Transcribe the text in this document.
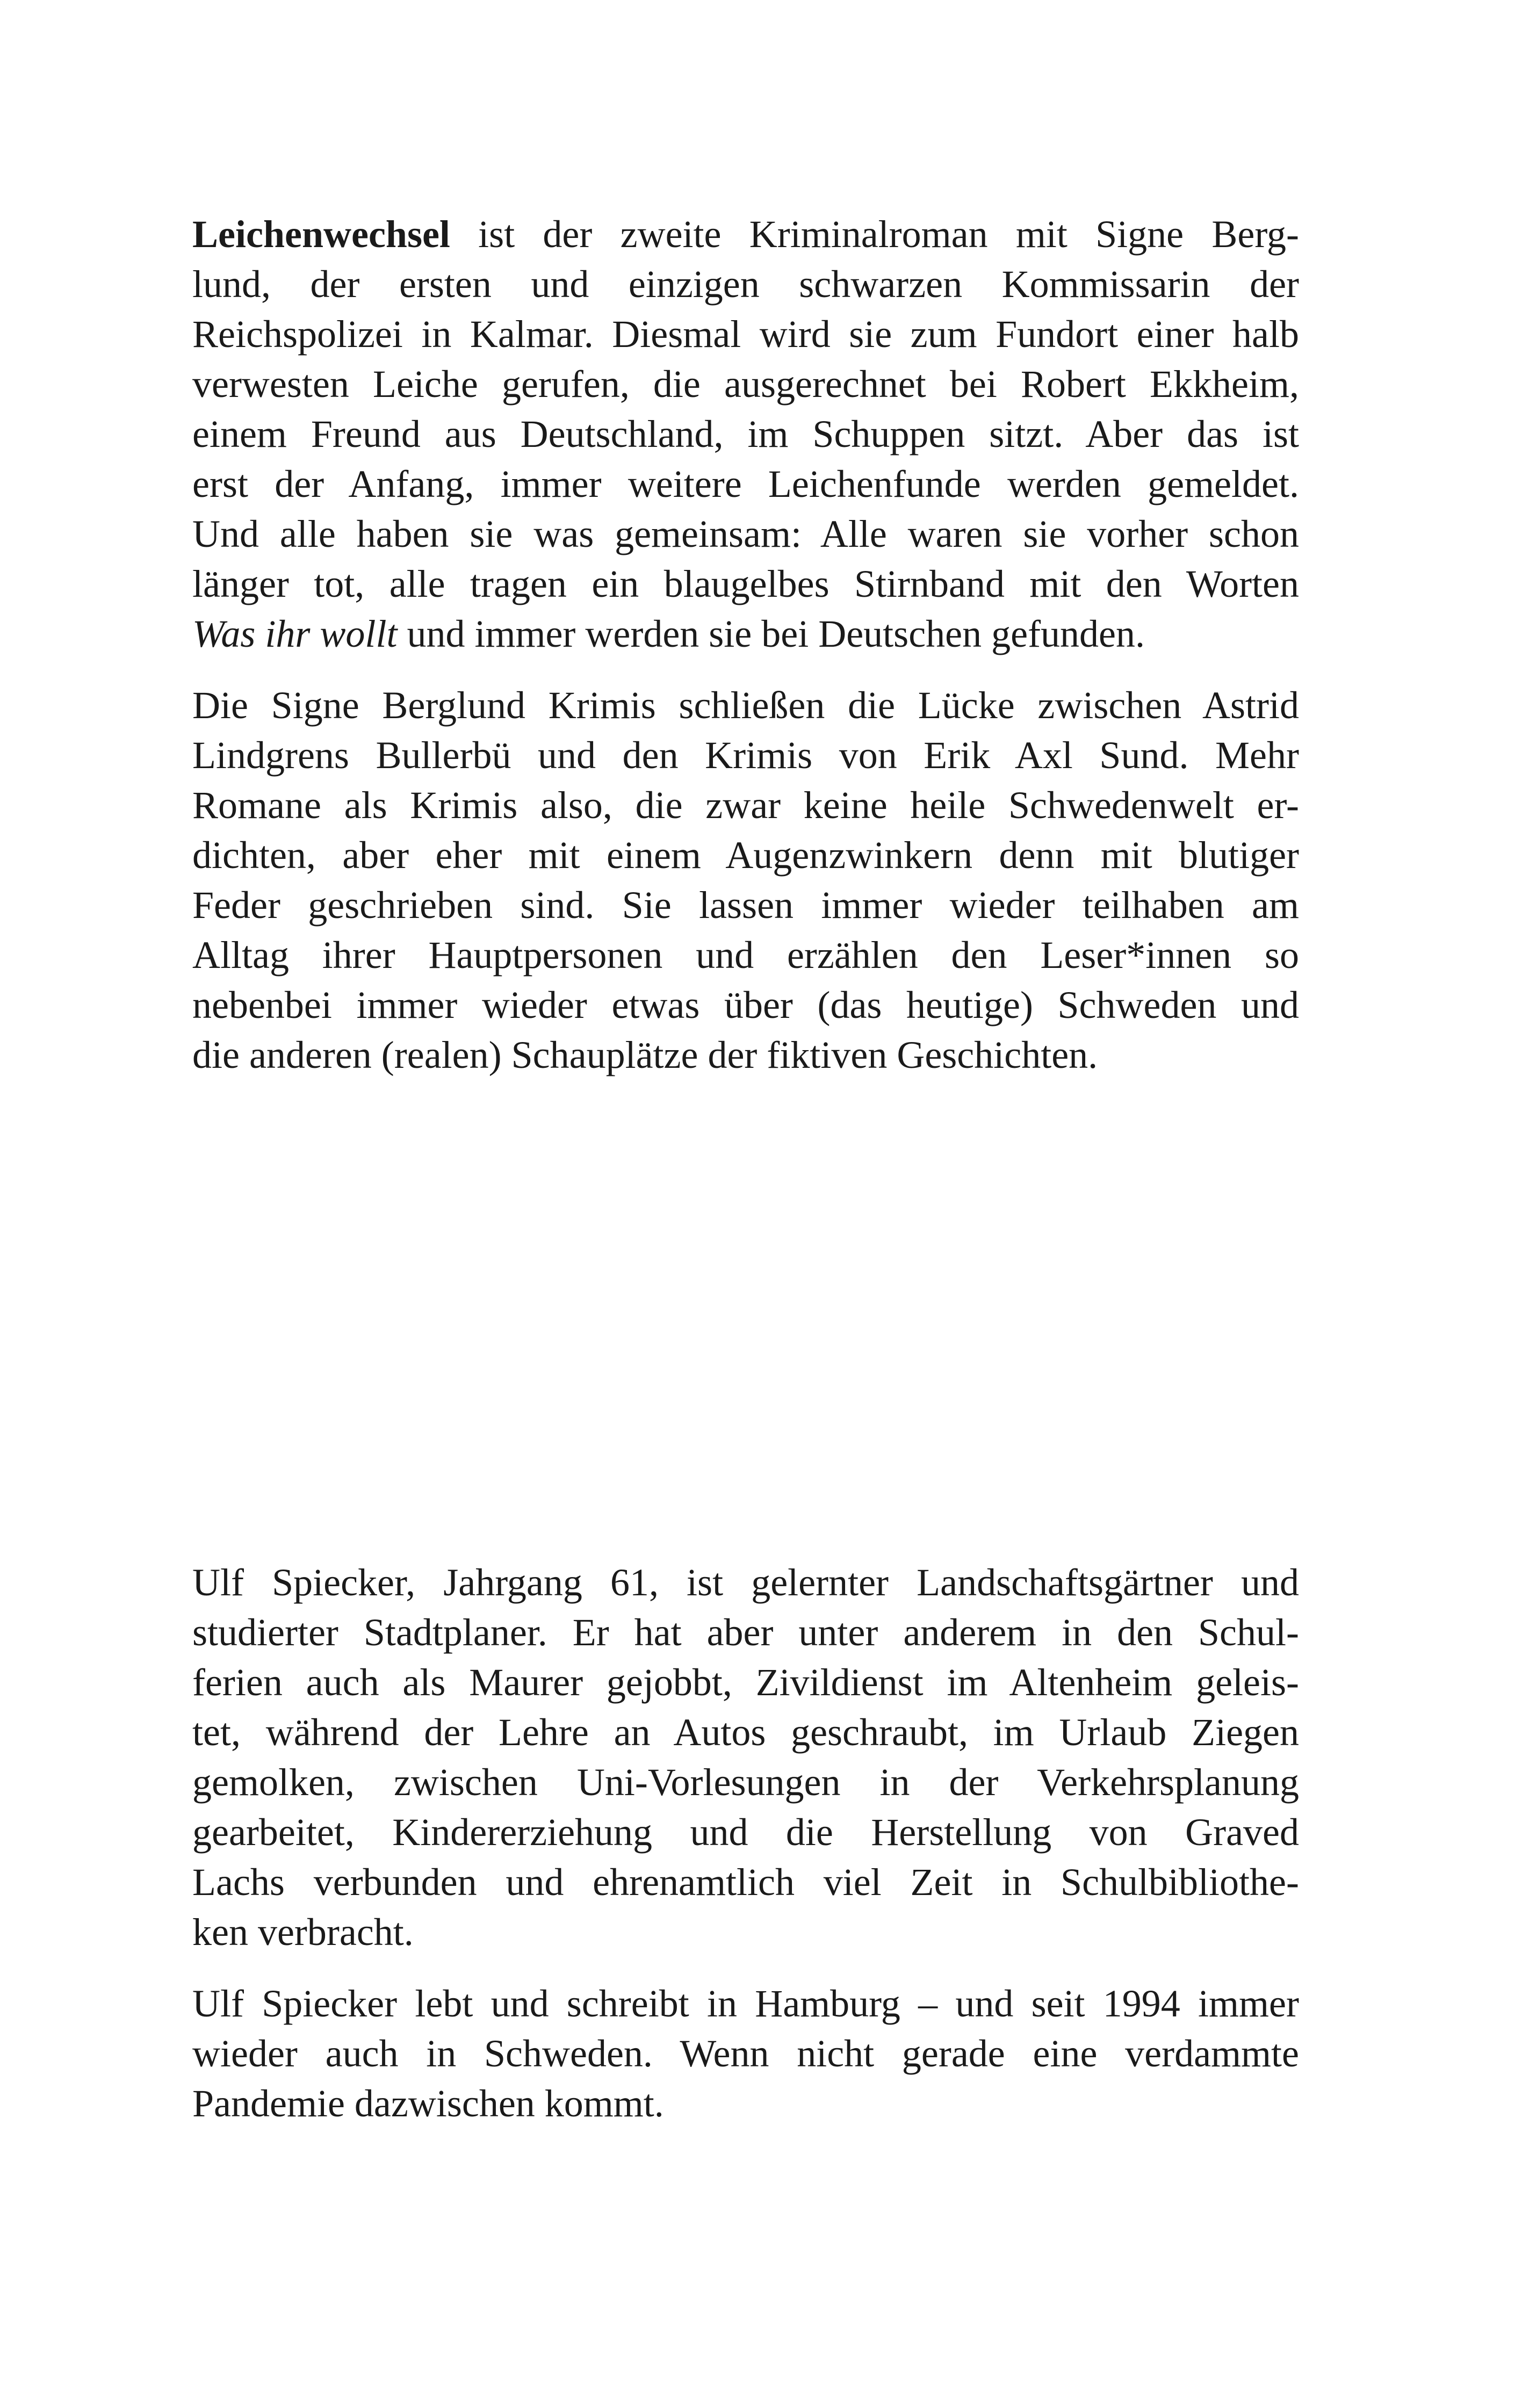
Leichenwechsel ist der zweite Kriminalroman mit Signe Berg-
lund, der ersten und einzigen schwarzen Kommissarin der
Reichspolizei in Kalmar. Diesmal wird sie zum Fundort einer halb
verwesten Leiche gerufen, die ausgerechnet bei Robert Ekkheim,
einem Freund aus Deutschland, im Schuppen sitzt. Aber das ist
erst der Anfang, immer weitere Leichenfunde werden gemeldet.
Und alle haben sie was gemeinsam: Alle waren sie vorher schon
länger tot, alle tragen ein blaugelbes Stirnband mit den Worten
Was ihr wollt und immer werden sie bei Deutschen gefunden.
Die Signe Berglund Krimis schließen die Lücke zwischen Astrid
Lindgrens Bullerbü und den Krimis von Erik Axl Sund. Mehr
Romane als Krimis also, die zwar keine heile Schwedenwelt er-
dichten, aber eher mit einem Augenzwinkern denn mit blutiger
Feder geschrieben sind. Sie lassen immer wieder teilhaben am
Alltag ihrer Hauptpersonen und erzählen den Leser*innen so
nebenbei immer wieder etwas über (das heutige) Schweden und
die anderen (realen) Schauplätze der fiktiven Geschichten.
Ulf Spiecker, Jahrgang 61, ist gelernter Landschaftsgärtner und
studierter Stadtplaner. Er hat aber unter anderem in den Schul-
ferien auch als Maurer gejobbt, Zivildienst im Altenheim geleis-
tet, während der Lehre an Autos geschraubt, im Urlaub Ziegen
gemolken, zwischen Uni-Vorlesungen in der Verkehrsplanung
gearbeitet, Kindererziehung und die Herstellung von Graved
Lachs verbunden und ehrenamtlich viel Zeit in Schulbibliothe-
ken verbracht.
Ulf Spiecker lebt und schreibt in Hamburg – und seit 1994 immer
wieder auch in Schweden. Wenn nicht gerade eine verdammte
Pandemie dazwischen kommt.
